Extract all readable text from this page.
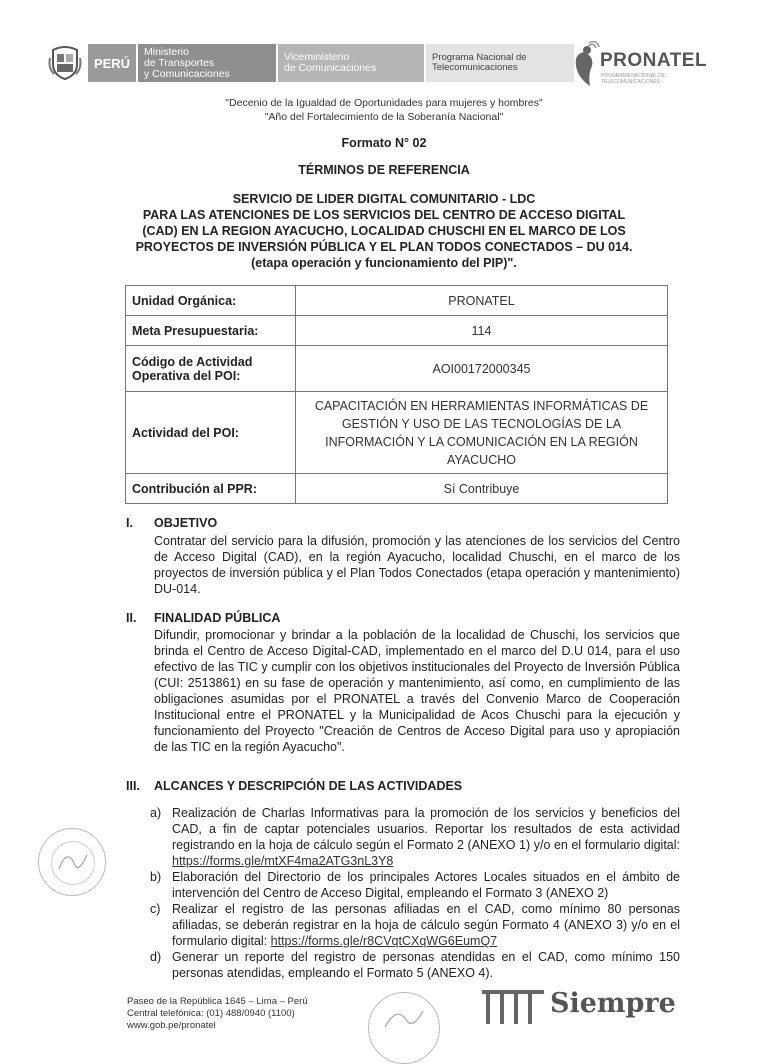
PERÚ
Ministerio
de Transportes
y Comunicaciones
Viceministerio
de Comunicaciones
Programa Nacional de
Telecomunicaciones	PRONATEL
PROGRAMA NACIONAL DE TELECOMUNICACIONES
"Decenio de la Igualdad de Oportunidades para mujeres y hombres"
"Año del Fortalecimiento de la Soberanía Nacional"
Formato N° 02
TÉRMINOS DE REFERENCIA
SERVICIO DE LIDER DIGITAL COMUNITARIO - LDC
PARA LAS ATENCIONES DE LOS SERVICIOS DEL CENTRO DE ACCESO DIGITAL
(CAD) EN LA REGION AYACUCHO, LOCALIDAD CHUSCHI EN EL MARCO DE LOS
PROYECTOS DE INVERSIÓN PÚBLICA Y EL PLAN TODOS CONECTADOS – DU 014.
(etapa operación y funcionamiento del PIP)".
Unidad Orgánica:	PRONATEL
Meta Presupuestaria:	114
Código de Actividad Operativa del POI:	AOI00172000345
Actividad del POI:	CAPACITACIÓN EN HERRAMIENTAS INFORMÁTICAS DE GESTIÓN Y USO DE LAS TECNOLOGÍAS DE LA INFORMACIÓN Y LA COMUNICACIÓN EN LA REGIÓN AYACUCHO
Contribución al PPR:	Sí Contribuye
I. OBJETIVO
Contratar del servicio para la difusión, promoción y las atenciones de los servicios del Centro de Acceso Digital (CAD), en la región Ayacucho, localidad Chuschi, en el marco de los proyectos de inversión pública y el Plan Todos Conectados (etapa operación y mantenimiento) DU-014.
II. FINALIDAD PÚBLICA
Difundir, promocionar y brindar a la población de la localidad de Chuschi, los servicios que brinda el Centro de Acceso Digital-CAD, implementado en el marco del D.U 014, para el uso efectivo de las TIC y cumplir con los objetivos institucionales del Proyecto de Inversión Pública (CUI: 2513861) en su fase de operación y mantenimiento, así como, en cumplimiento de las obligaciones asumidas por el PRONATEL a través del Convenio Marco de Cooperación Institucional entre el PRONATEL y la Municipalidad de Acos Chuschi para la ejecución y funcionamiento del Proyecto "Creación de Centros de Acceso Digital para uso y apropiación de las TIC en la región Ayacucho".
III. ALCANCES Y DESCRIPCIÓN DE LAS ACTIVIDADES

a) Realización de Charlas Informativas para la promoción de los servicios y beneficios del CAD, a fin de captar potenciales usuarios. Reportar los resultados de esta actividad registrando en la hoja de cálculo según el Formato 2 (ANEXO 1) y/o en el formulario digital: https://forms.gle/mtXF4ma2ATG3nL3Y8

b) Elaboración del Directorio de los principales Actores Locales situados en el ámbito de intervención del Centro de Acceso Digital, empleando el Formato 3 (ANEXO 2)

c) Realizar el registro de las personas afiliadas en el CAD, como mínimo 80 personas afiliadas, se deberán registrar en la hoja de cálculo según Formato 4 (ANEXO 3) y/o en el formulario digital: https://forms.gle/r8CVqtCXqWG6EumQ7

d) Generar un reporte del registro de personas atendidas en el CAD, como mínimo 150 personas atendidas, empleando el Formato 5 (ANEXO 4).

Paseo de la República 1645 – Lima – Perú
Central telefónica: (01) 488/0940 (1100)
www.gob.pe/pronatel
Siempre
